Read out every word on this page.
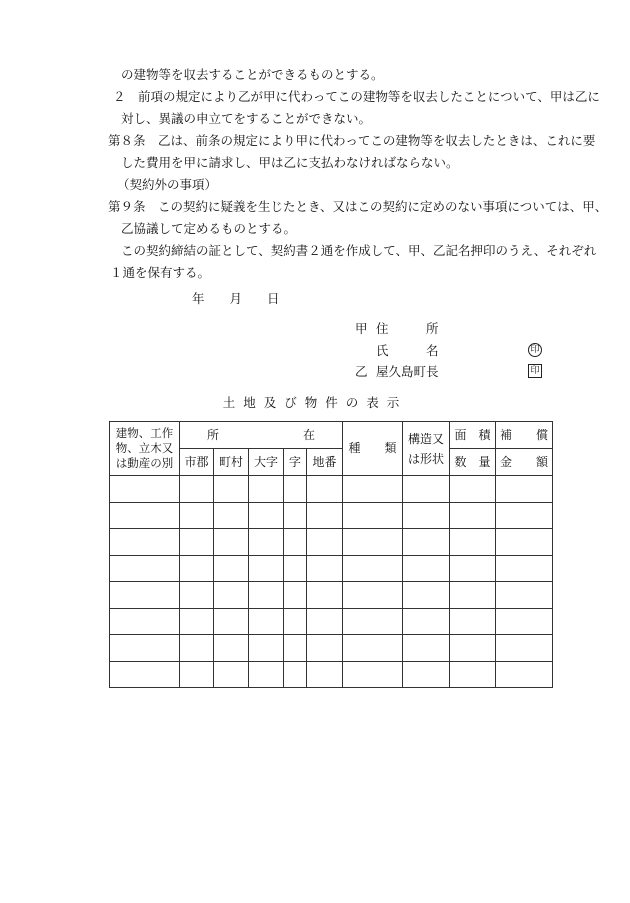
の建物等を収去することができるものとする。
２　前項の規定により乙が甲に代わってこの建物等を収去したことについて、甲は乙に
対し、異議の申立てをすることができない。
第８条　乙は、前条の規定により甲に代わってこの建物等を収去したときは、これに要
した費用を甲に請求し、甲は乙に支払わなければならない。
（契約外の事項）
第９条　この契約に疑義を生じたとき、又はこの契約に定めのない事項については、甲、
乙協議して定めるものとする。
この契約締結の証として、契約書２通を作成して、甲、乙記名押印のうえ、それぞれ
１通を保有する。
年　　月　　日
甲 住　　　所
氏　　　名	印
乙 屋久島町長	印
土地及び物件の表示
建物、工作物、立木又は動産の別	所　　　　　　　在					種　　類	構造又は形状	面　積	補　　償
	市郡	町村	大字	字	地番			数　量	金　　額
